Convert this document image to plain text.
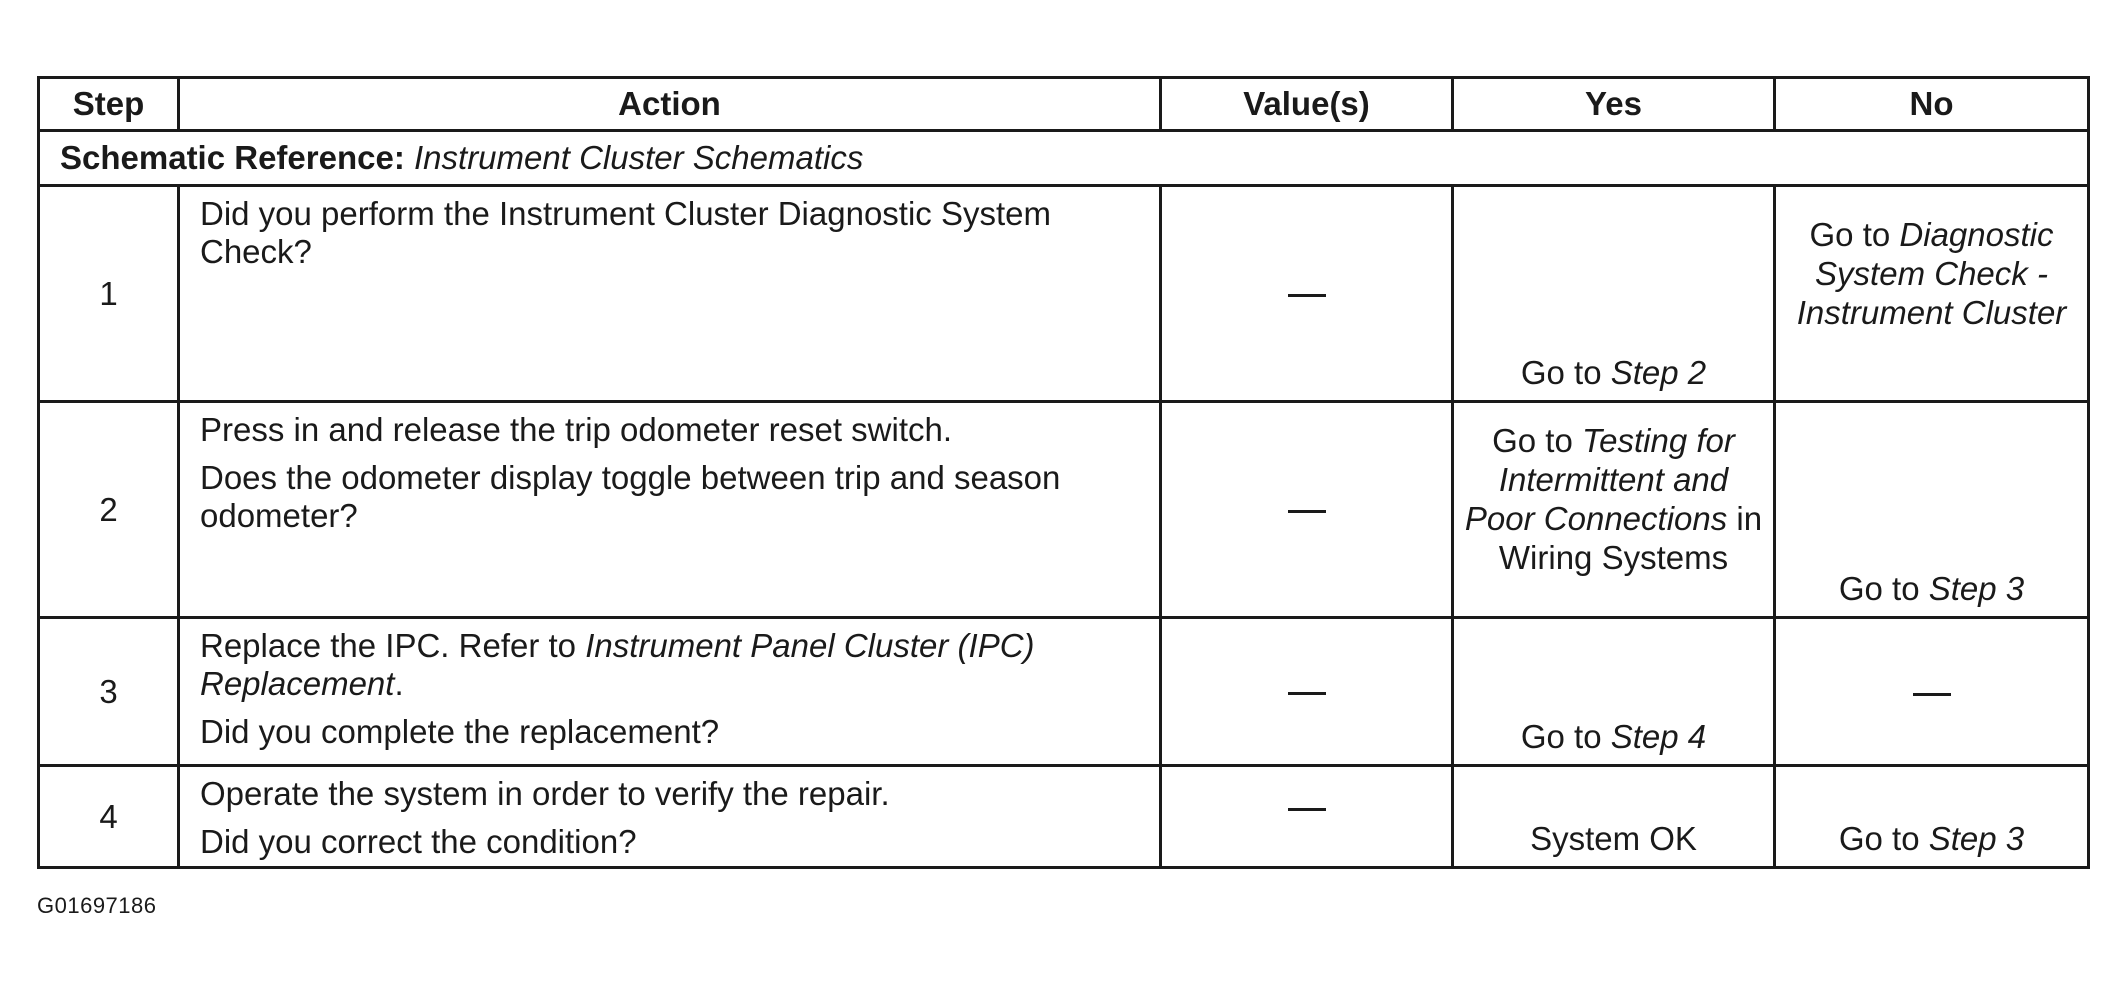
Step	Action	Value(s)	Yes	No
Schematic Reference: Instrument Cluster Schematics				
1	Did you perform the Instrument Cluster Diagnostic System Check?		Go to Step 2	Go to Diagnostic System Check - Instrument Cluster
2	Press in and release the trip odometer reset switch.

Does the odometer display toggle between trip and season odometer?		Go to Testing for Intermittent and Poor Connections in Wiring Systems	Go to Step 3
3	Replace the IPC. Refer to Instrument Panel Cluster (IPC) Replacement.

Did you complete the replacement?		Go to Step 4	
4	Operate the system in order to verify the repair.

Did you correct the condition?		System OK	Go to Step 3
G01697186
